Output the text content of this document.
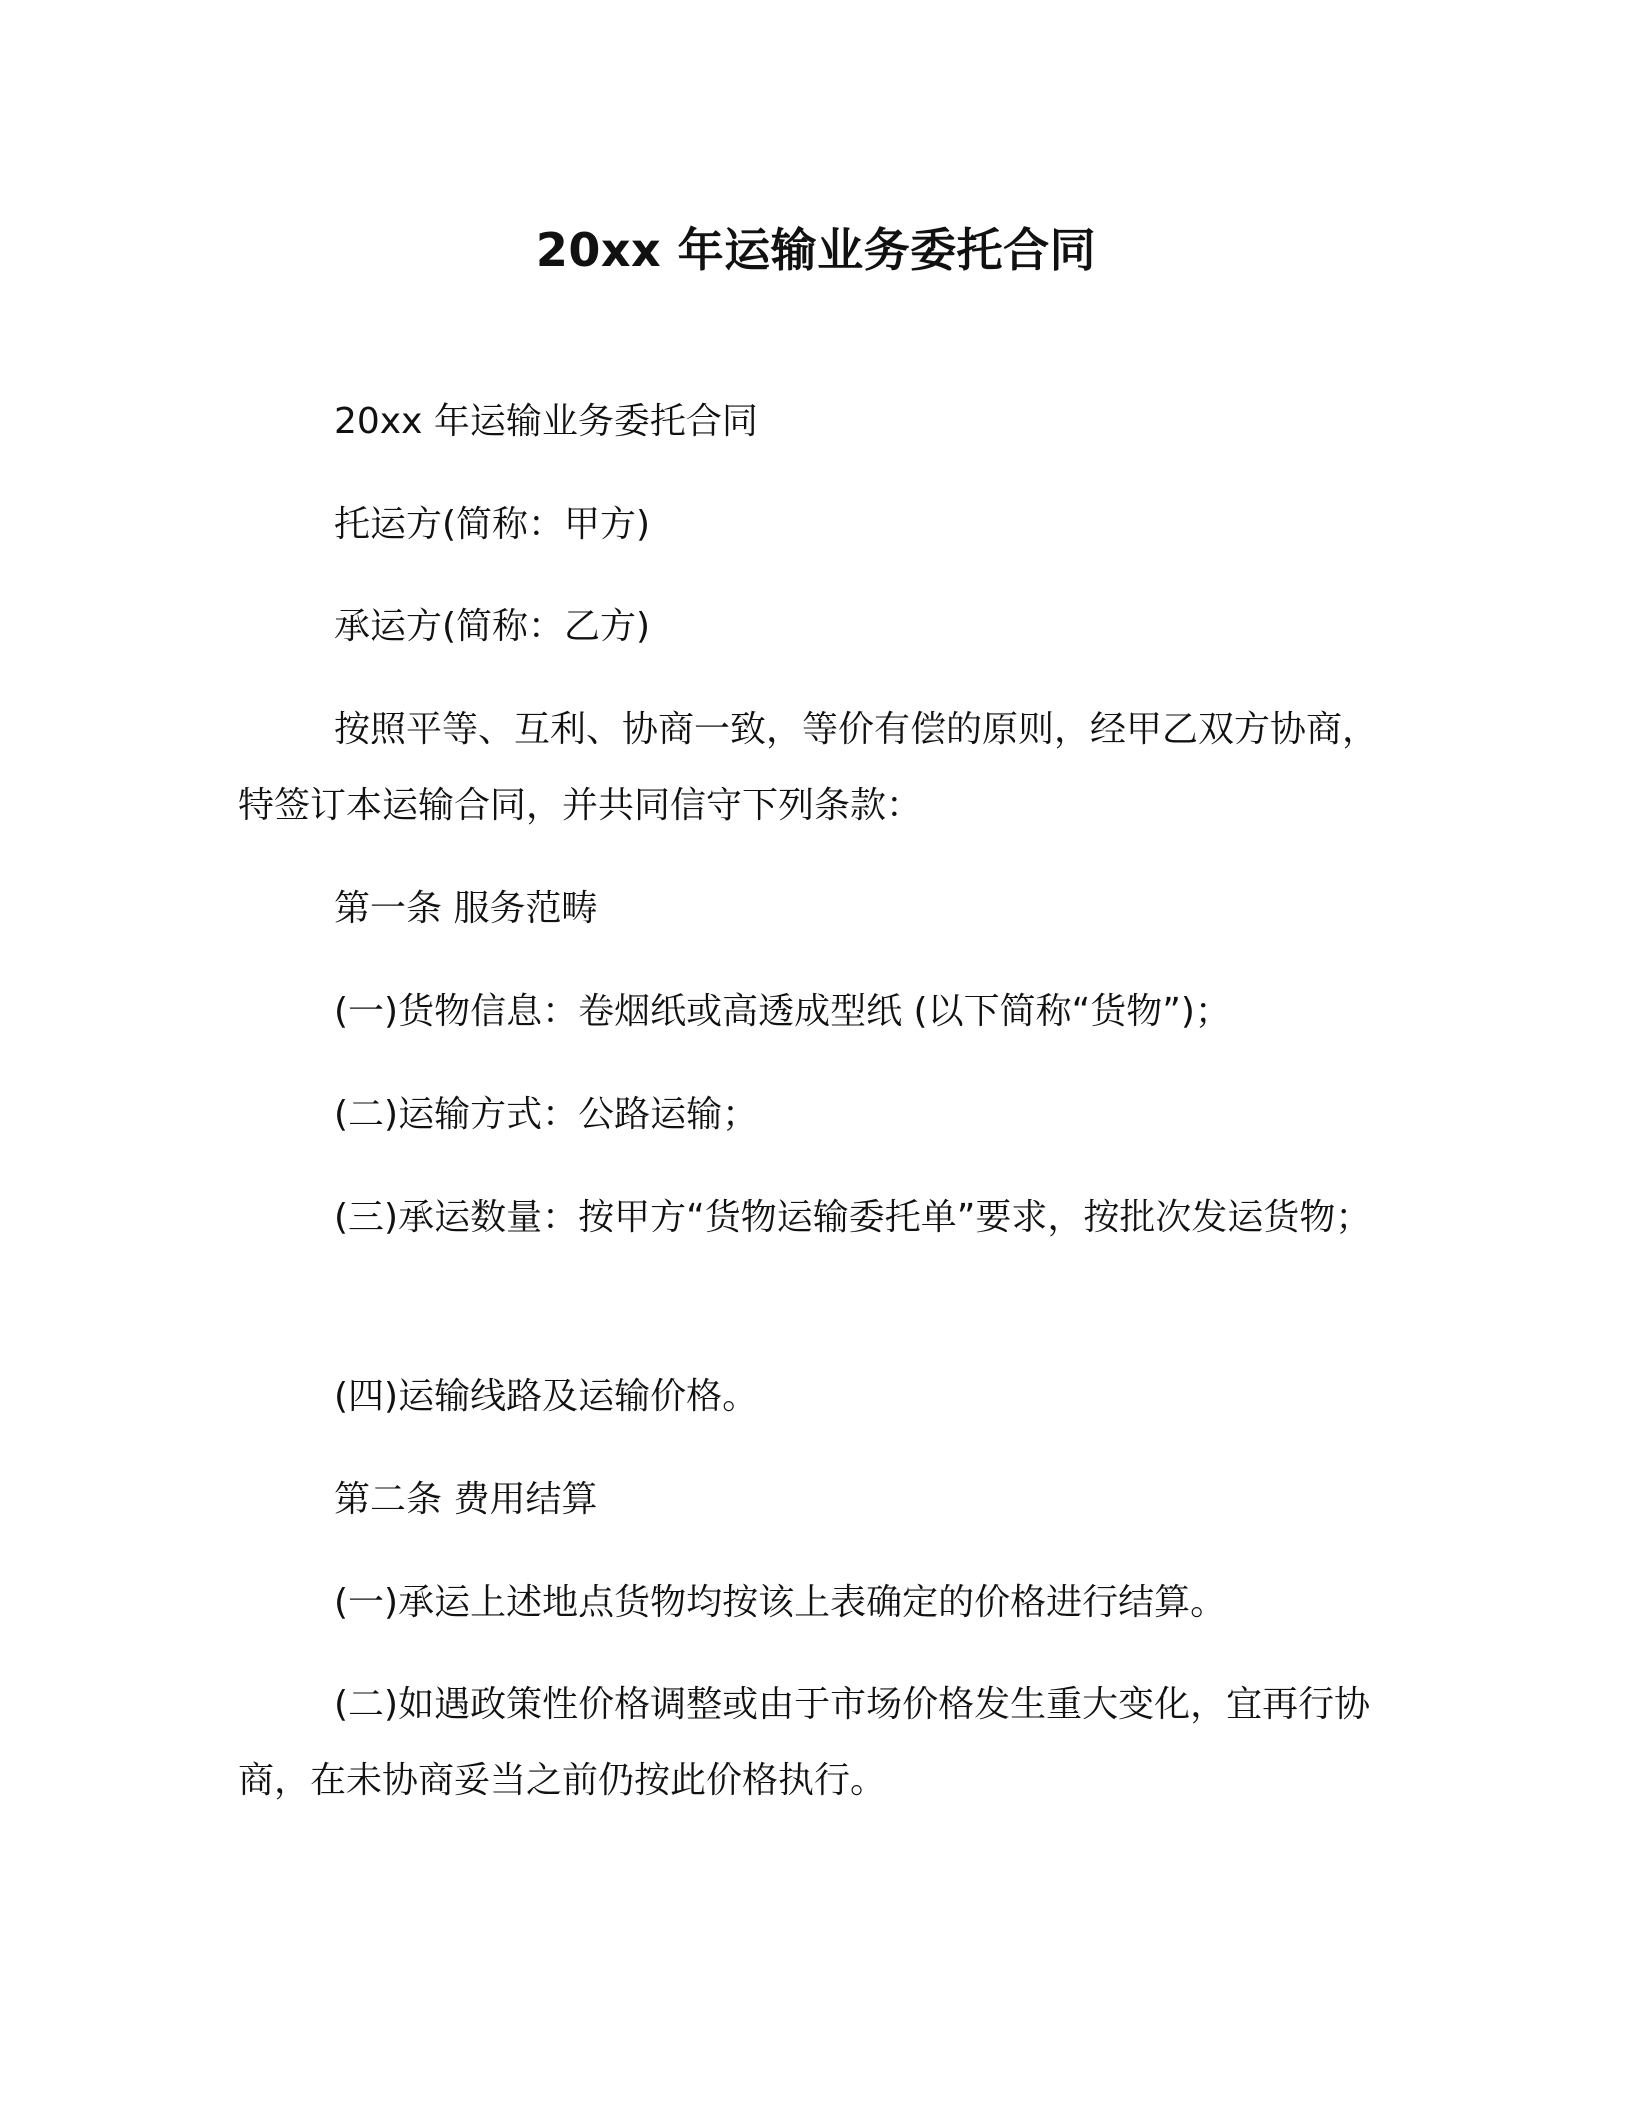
20xx 年运输业务委托合同
20xx 年运输业务委托合同
托运方(简称：甲方)
承运方(简称：乙方)
按照平等、互利、协商一致，等价有偿的原则，经甲乙双方协商，特签订本运输合同，并共同信守下列条款：
第一条 服务范畴
(一)货物信息：卷烟纸或高透成型纸 (以下简称“货物”)；
(二)运输方式：公路运输；
(三)承运数量：按甲方“货物运输委托单”要求，按批次发运货物；
(四)运输线路及运输价格。
第二条 费用结算
(一)承运上述地点货物均按该上表确定的价格进行结算。
(二)如遇政策性价格调整或由于市场价格发生重大变化，宜再行协商，在未协商妥当之前仍按此价格执行。
